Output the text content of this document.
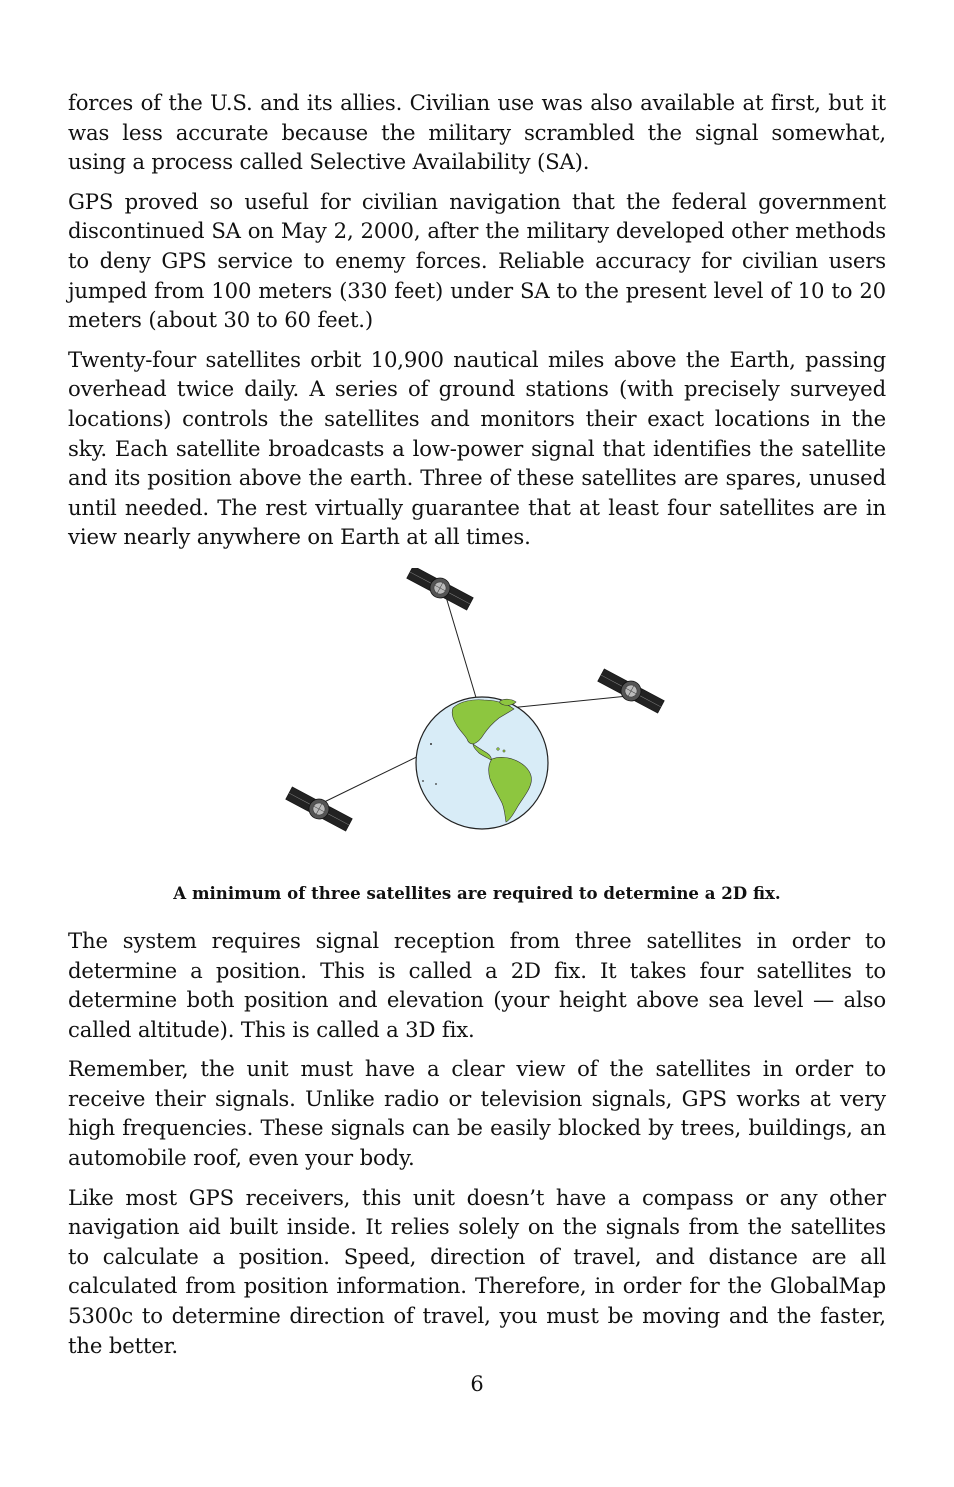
forces of the U.S. and its allies. Civilian use was also available at first, but it was less accurate because the military scrambled the signal somewhat, using a process called Selective Availability (SA).

GPS proved so useful for civilian navigation that the federal government discontinued SA on May 2, 2000, after the military developed other methods to deny GPS service to enemy forces. Reliable accuracy for civilian users jumped from 100 meters (330 feet) under SA to the present level of 10 to 20 meters (about 30 to 60 feet.)

Twenty-four satellites orbit 10,900 nautical miles above the Earth, passing overhead twice daily. A series of ground stations (with precisely surveyed locations) controls the satellites and monitors their exact locations in the sky. Each satellite broadcasts a low-power signal that identifies the satellite and its position above the earth. Three of these satellites are spares, unused until needed. The rest virtually guarantee that at least four satellites are in view nearly anywhere on Earth at all times.

A minimum of three satellites are required to determine a 2D fix.

The system requires signal reception from three satellites in order to determine a position. This is called a 2D fix. It takes four satellites to determine both position and elevation (your height above sea level — also called altitude). This is called a 3D fix.

Remember, the unit must have a clear view of the satellites in order to receive their signals. Unlike radio or television signals, GPS works at very high frequencies. These signals can be easily blocked by trees, buildings, an automobile roof, even your body.

Like most GPS receivers, this unit doesn’t have a compass or any other navigation aid built inside. It relies solely on the signals from the satellites to calculate a position. Speed, direction of travel, and distance are all calculated from position information. Therefore, in order for the GlobalMap 5300c to determine direction of travel, you must be moving and the faster, the better.

6
